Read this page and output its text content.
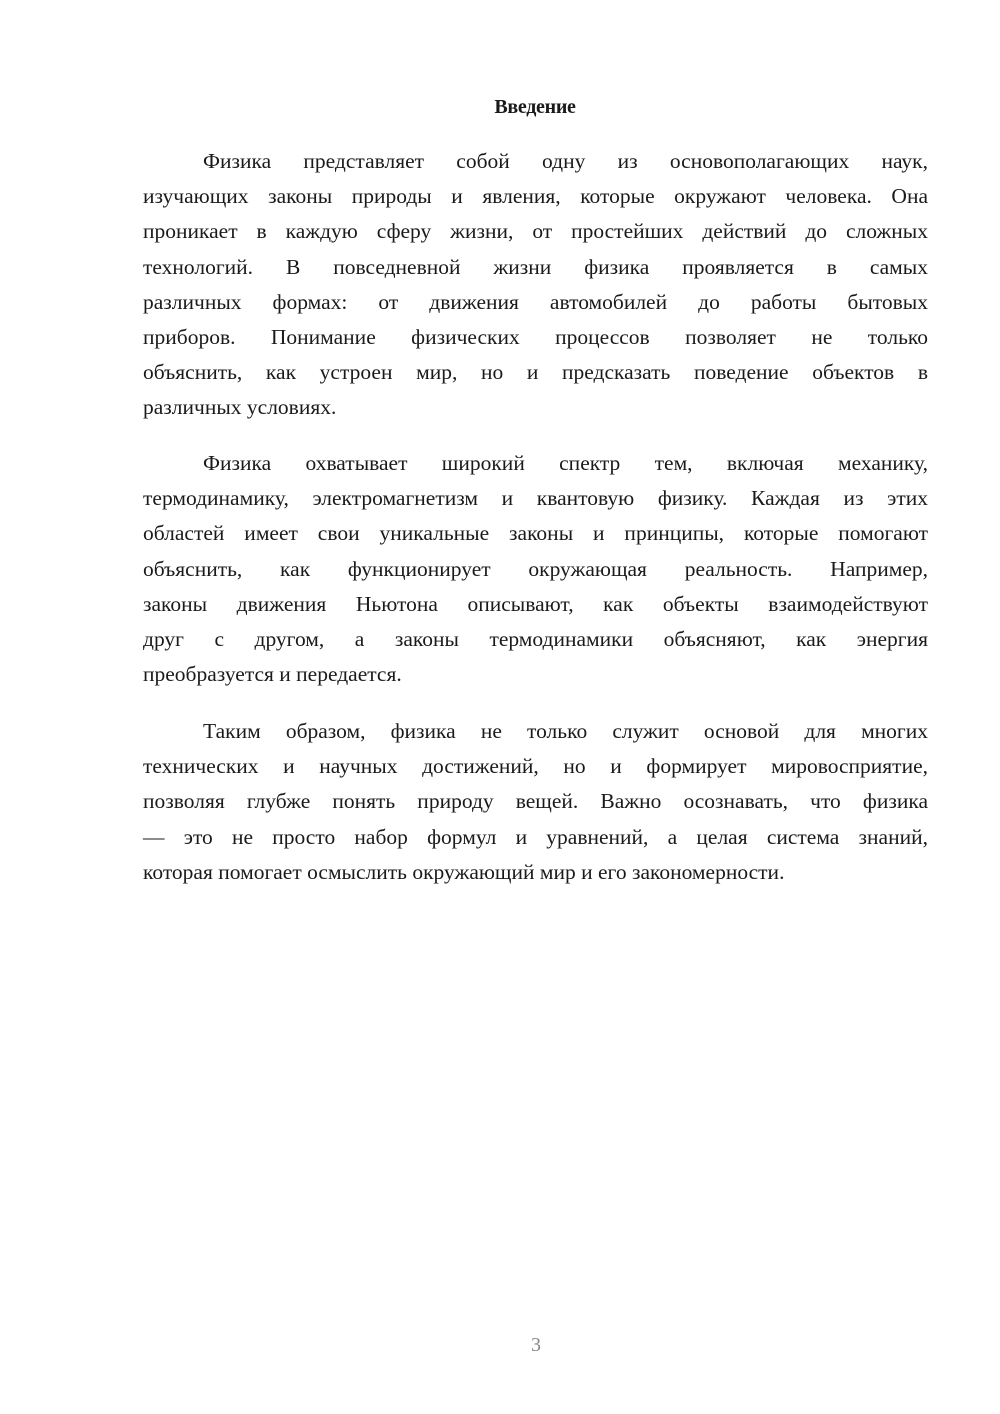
Введение
Физика представляет собой одну из основополагающих наук,
изучающих законы природы и явления, которые окружают человека. Она
проникает в каждую сферу жизни, от простейших действий до сложных
технологий. В повседневной жизни физика проявляется в самых
различных формах: от движения автомобилей до работы бытовых
приборов. Понимание физических процессов позволяет не только
объяснить, как устроен мир, но и предсказать поведение объектов в
различных условиях.
Физика охватывает широкий спектр тем, включая механику,
термодинамику, электромагнетизм и квантовую физику. Каждая из этих
областей имеет свои уникальные законы и принципы, которые помогают
объяснить, как функционирует окружающая реальность. Например,
законы движения Ньютона описывают, как объекты взаимодействуют
друг с другом, а законы термодинамики объясняют, как энергия
преобразуется и передается.
Таким образом, физика не только служит основой для многих
технических и научных достижений, но и формирует мировосприятие,
позволяя глубже понять природу вещей. Важно осознавать, что физика
— это не просто набор формул и уравнений, а целая система знаний,
которая помогает осмыслить окружающий мир и его закономерности.
3
